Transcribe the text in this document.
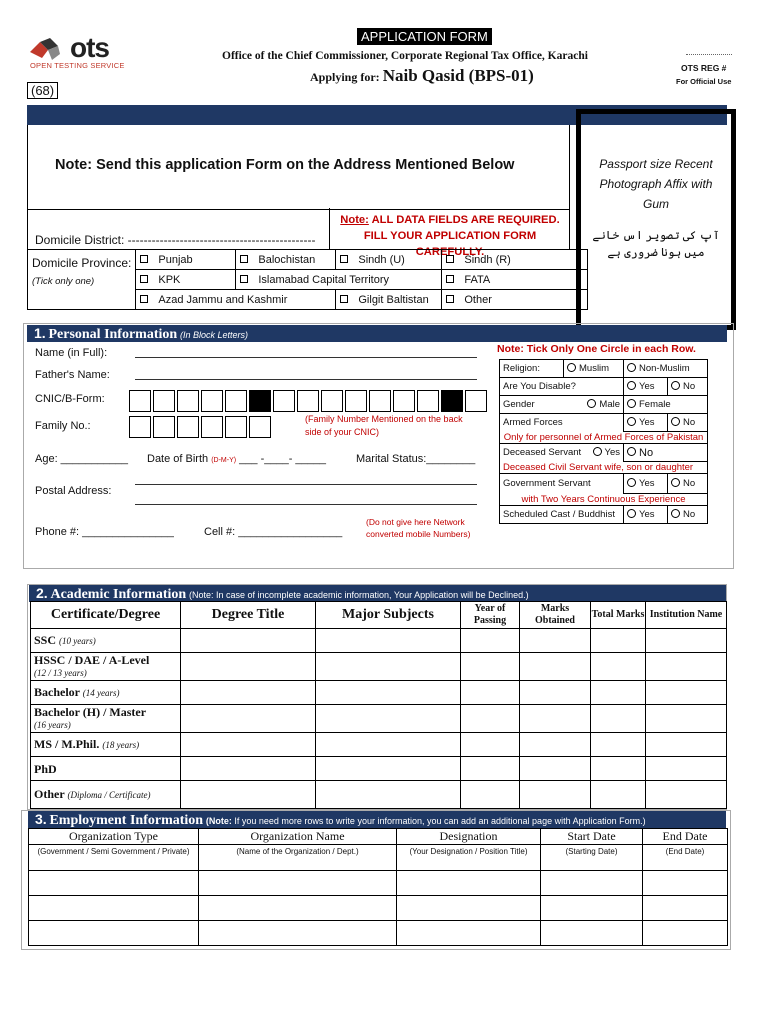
ots
OPEN TESTING SERVICE
APPLICATION FORM
Office of the Chief Commissioner, Corporate Regional Tax Office, Karachi
Applying for: Naib Qasid (BPS-01)	OTS REG #
For Official Use
(68)
Note: Send this application Form on the Address Mentioned Below
Domicile District: -----------------------------------------------
Note: ALL DATA FIELDS ARE REQUIRED.
FILL YOUR APPLICATION FORM CAREFULLY.
Domicile Province:
(Tick only one)	Punjab	Balochistan	Sindh (U)	Sindh (R)
	KPK	Islamabad Capital Territory		FATA
	Azad Jammu and Kashmir		Gilgit Baltistan	Other
Passport size Recent Photograph Affix with Gum
آپ کی تصویر اس خانے میں ہونا ضروری ہے
1. Personal Information (In Block Letters)
Name (in Full):
Father's Name:
CNIC/B-Form:
Family No.:
(Family Number Mentioned on the back side of your CNIC)
Age: ___________ Date of Birth (D-M-Y) ___ -____- _____	Marital Status:________
Postal Address:
Phone #: _______________	Cell #: _________________
(Do not give here Network converted mobile Numbers)
Note: Tick Only One Circle in each Row.
Religion:	Muslim	Non-Muslim	
Are You Disable?		Yes	No
Gender Male		Female	
Armed Forces		Yes	No
Only for personnel of Armed Forces of Pakistan			
Deceased Servant Yes		No	
Deceased Civil Servant wife, son or daughter			
Government Servant		Yes	No
with Two Years Continuous Experience			
Scheduled Cast / Buddhist		Yes	No
2. Academic Information (Note: In case of incomplete academic information, Your Application will be Declined.)
Certificate/Degree	Degree Title	Major Subjects	Year of Passing	Marks Obtained	Total Marks	Institution Name
SSC (10 years)						
HSSC / DAE / A-Level
(12 / 13 years)						
Bachelor (14 years)						
Bachelor (H) / Master
(16 years)						
MS / M.Phil. (18 years)						
PhD						
Other (Diploma / Certificate)						
3. Employment Information (Note: If you need more rows to write your information, you can add an additional page with Application Form.)
Organization Type	Organization Name	Designation	Start Date	End Date
(Government / Semi Government / Private)	(Name of the Organization / Dept.)	(Your Designation / Position Title)	(Starting Date)	(End Date)
